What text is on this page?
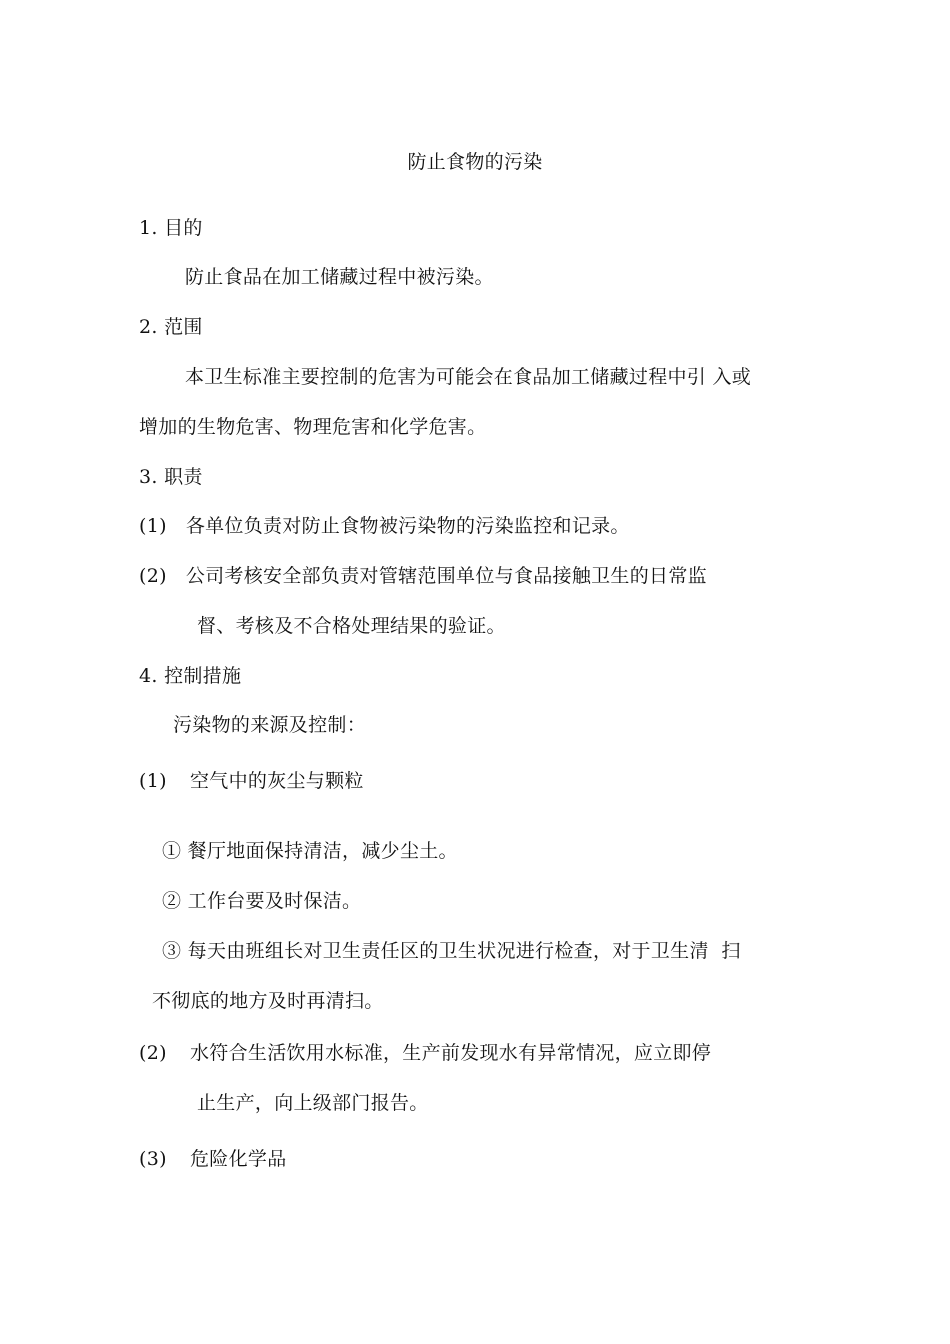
防止食物的污染
1. 目的
防止食品在加工储藏过程中被污染。
2. 范围
本卫生标准主要控制的危害为可能会在食品加工储藏过程中引 入或
增加的生物危害、物理危害和化学危害。
3. 职责
(1)   各单位负责对防止食物被污染物的污染监控和记录。
(2)   公司考核安全部负责对管辖范围单位与食品接触卫生的日常监
督、考核及不合格处理结果的验证。
4. 控制措施
污染物的来源及控制：
(1) 空气中的灰尘与颗粒
① 餐厅地面保持清洁，减少尘土。
② 工作台要及时保洁。
③ 每天由班组长对卫生责任区的卫生状况进行检查，对于卫生清  扫
不彻底的地方及时再清扫。
(2) 水符合生活饮用水标准，生产前发现水有异常情况，应立即停
止生产，向上级部门报告。
(3) 危险化学品
